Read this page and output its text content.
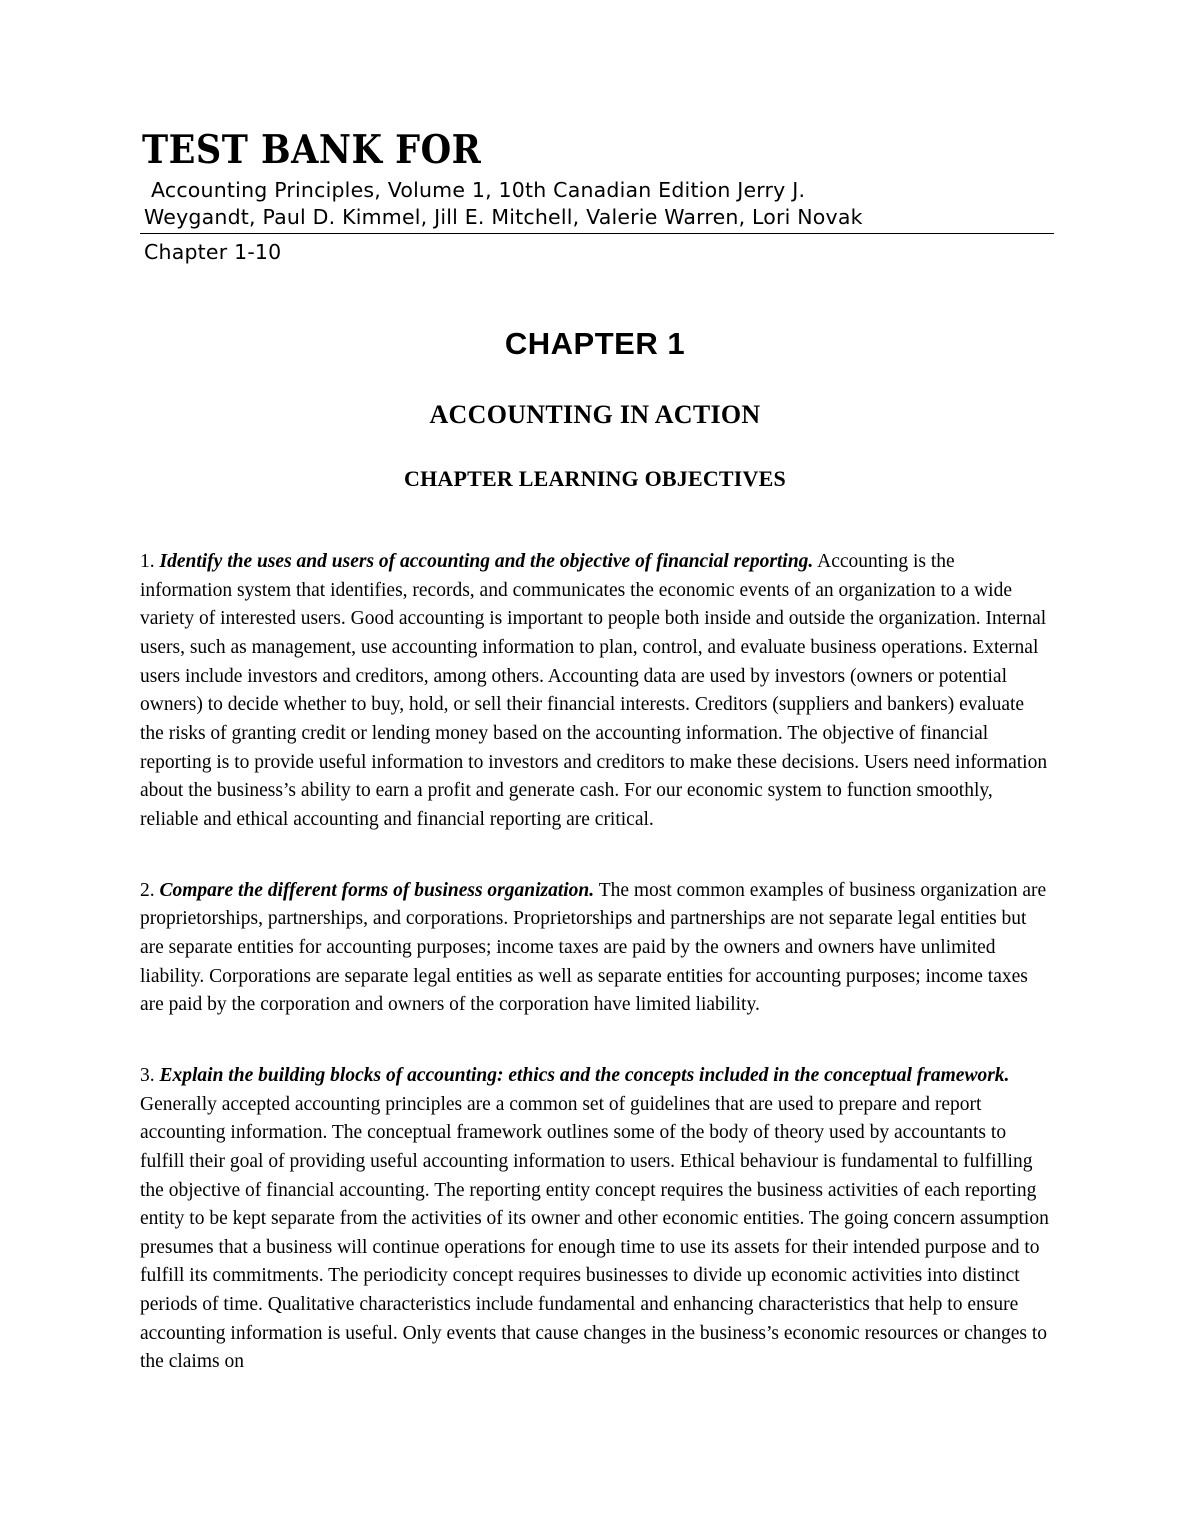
TEST BANK FOR
Accounting Principles, Volume 1, 10th Canadian Edition Jerry J.
Weygandt, Paul D. Kimmel, Jill E. Mitchell, Valerie Warren, Lori Novak
Chapter 1-10
CHAPTER 1
ACCOUNTING IN ACTION
CHAPTER LEARNING OBJECTIVES

1. Identify the uses and users of accounting and the objective of financial reporting. Accounting is the information system that identifies, records, and communicates the economic events of an organization to a wide variety of interested users. Good accounting is important to people both inside and outside the organization. Internal users, such as management, use accounting information to plan, control, and evaluate business operations. External users include investors and creditors, among others. Accounting data are used by investors (owners or potential owners) to decide whether to buy, hold, or sell their financial interests. Creditors (suppliers and bankers) evaluate the risks of granting credit or lending money based on the accounting information. The objective of financial reporting is to provide useful information to investors and creditors to make these decisions. Users need information about the business’s ability to earn a profit and generate cash. For our economic system to function smoothly, reliable and ethical accounting and financial reporting are critical.

2. Compare the different forms of business organization. The most common examples of business organization are proprietorships, partnerships, and corporations. Proprietorships and partnerships are not separate legal entities but are separate entities for accounting purposes; income taxes are paid by the owners and owners have unlimited liability. Corporations are separate legal entities as well as separate entities for accounting purposes; income taxes are paid by the corporation and owners of the corporation have limited liability.

3. Explain the building blocks of accounting: ethics and the concepts included in the conceptual framework. Generally accepted accounting principles are a common set of guidelines that are used to prepare and report accounting information. The conceptual framework outlines some of the body of theory used by accountants to fulfill their goal of providing useful accounting information to users. Ethical behaviour is fundamental to fulfilling the objective of financial accounting. The reporting entity concept requires the business activities of each reporting entity to be kept separate from the activities of its owner and other economic entities. The going concern assumption presumes that a business will continue operations for enough time to use its assets for their intended purpose and to fulfill its commitments. The periodicity concept requires businesses to divide up economic activities into distinct periods of time. Qualitative characteristics include fundamental and enhancing characteristics that help to ensure accounting information is useful. Only events that cause changes in the business’s economic resources or changes to the claims on
